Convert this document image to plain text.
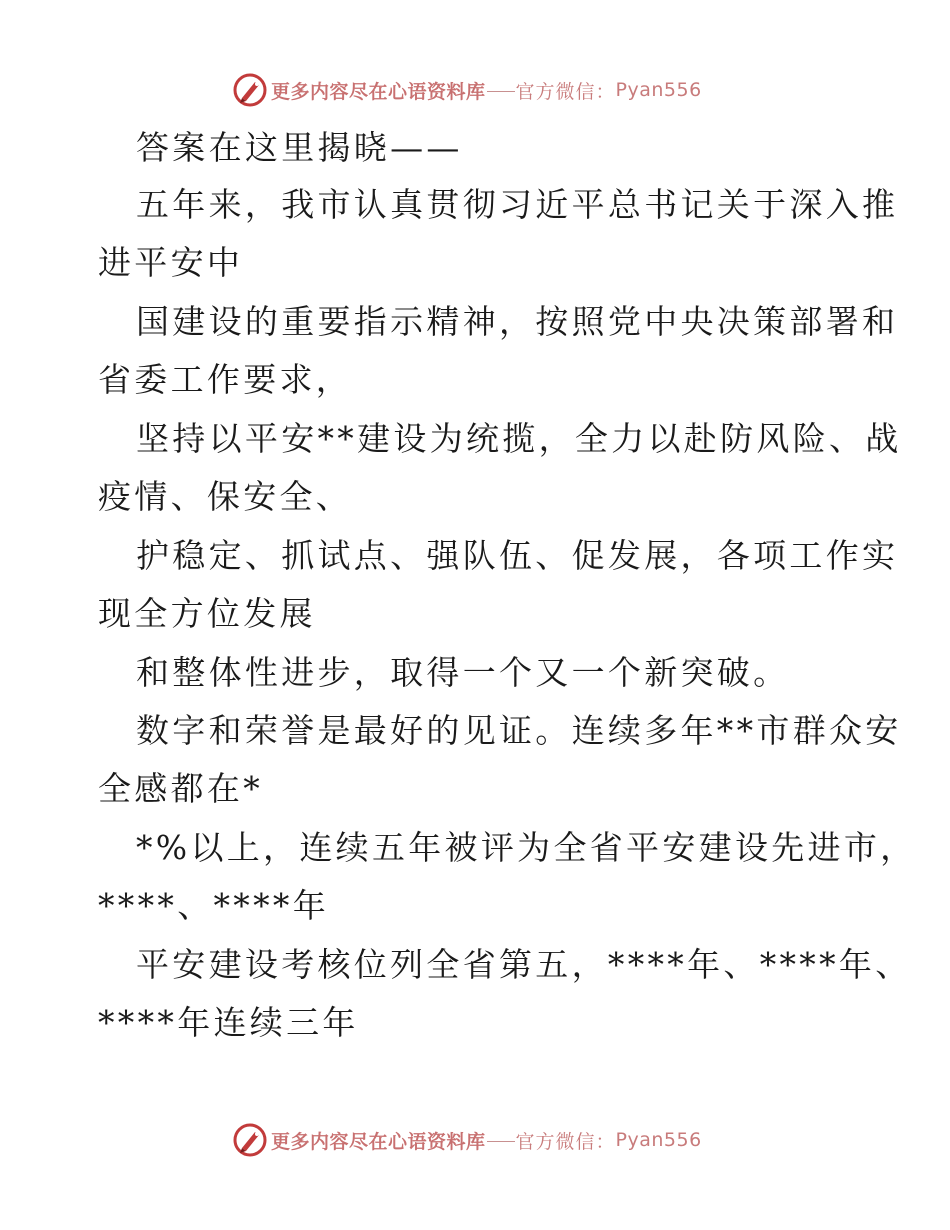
更多内容尽在心语资料库 官方微信： Pyan556
答案在这里揭晓——
五年来，我市认真贯彻习近平总书记关于深入推
进平安中
国建设的重要指示精神，按照党中央决策部署和
省委工作要求，
坚持以平安**建设为统揽，全力以赴防风险、战
疫情、保安全、
护稳定、抓试点、强队伍、促发展，各项工作实
现全方位发展
和整体性进步，取得一个又一个新突破。
数字和荣誉是最好的见证。连续多年**市群众安
全感都在*
*%以上，连续五年被评为全省平安建设先进市，
****、****年
平安建设考核位列全省第五，****年、****年、
****年连续三年
更多内容尽在心语资料库 官方微信： Pyan556
